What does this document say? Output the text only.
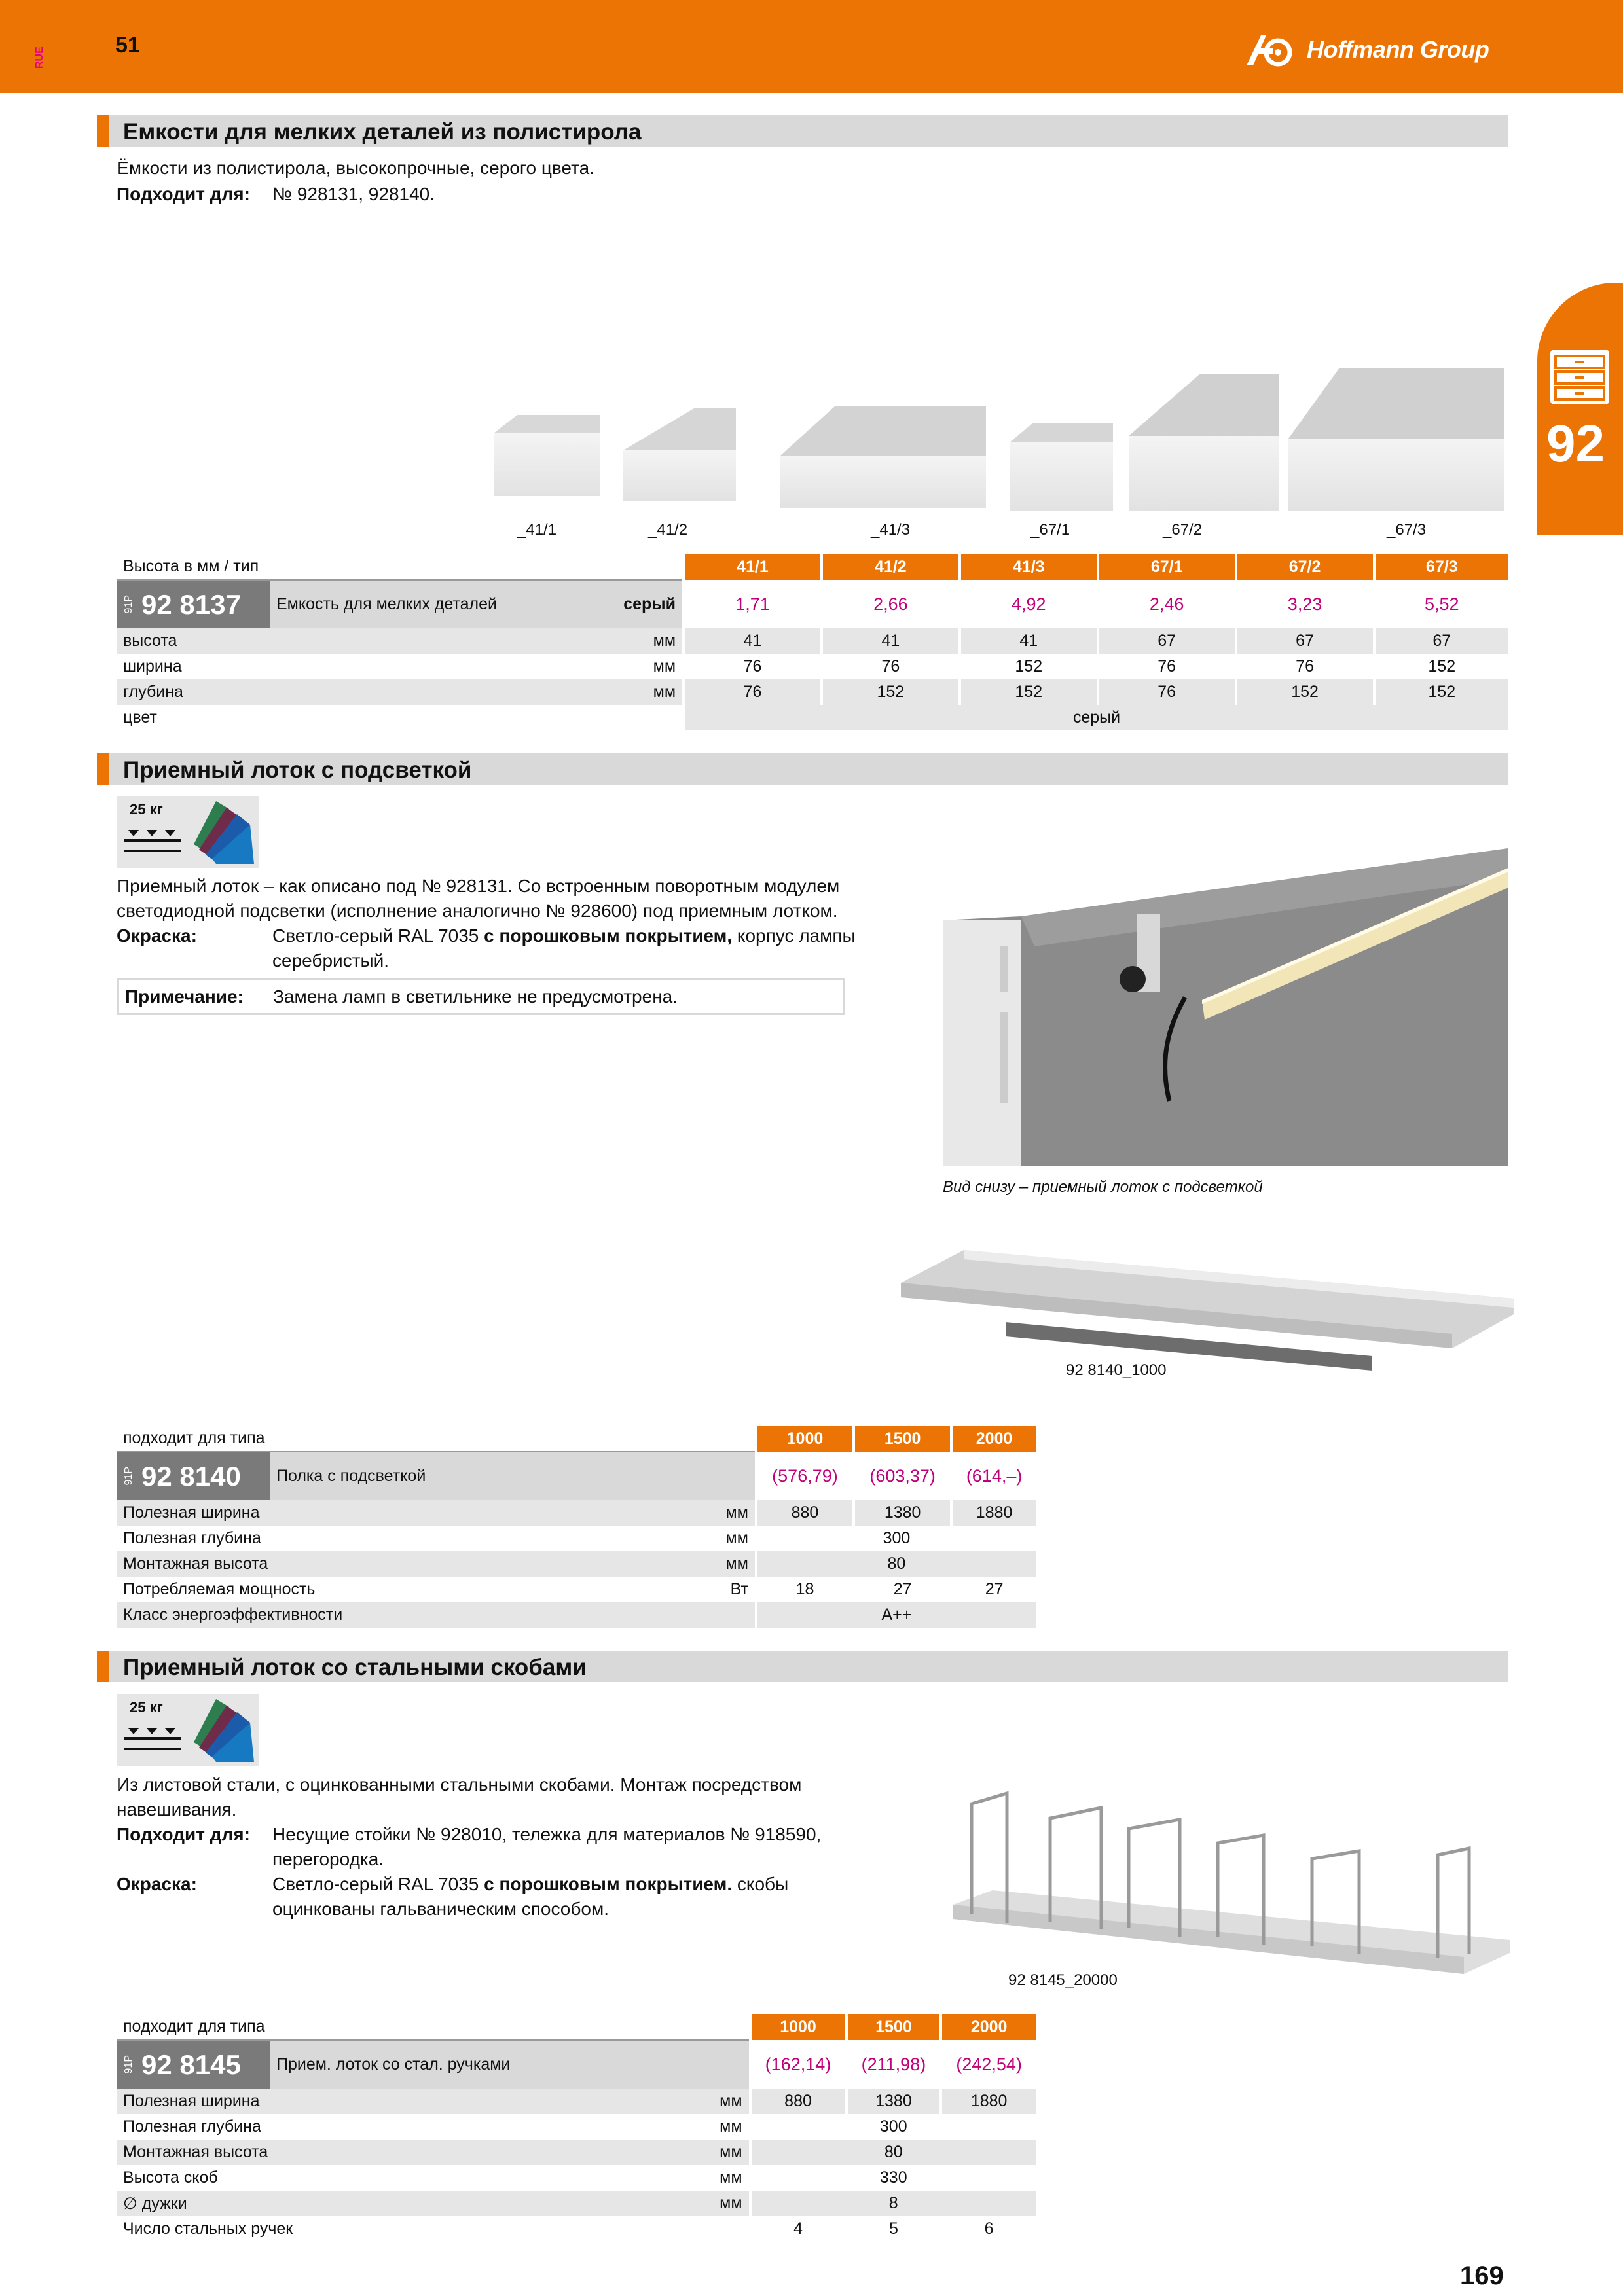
RUE
51	Hoffmann Group
92
Емкости для мелких деталей из полистирола
Ёмкости из полистирола, высокопрочные, серого цвета.
Подходит для: № 928131, 928140.
_41/1	_41/2	_41/3	_67/1	_67/2	_67/3
Высота в мм / тип			41/1	41/2	41/3	67/1	67/2	67/3

91P 92 8137	Емкость для мелких деталей	серый	1,71	2,66	4,92	2,46	3,23	5,52
высота		мм	41	41	41	67	67	67
ширина		мм	76	76	152	76	76	152
глубина		мм	76	152	152	76	152	152
цвет			серый					
Приемный лоток с подсветкой
25 кг
Приемный лоток – как описано под № 928131. Со встроенным поворотным модулем
светодиодной подсветки (исполнение аналогично № 928600) под приемным лотком.
Окраска:	Светло-серый RAL 7035 с порошковым покрытием, корпус лампы
серебристый.
Примечание: Замена ламп в светильнике не предусмотрена.
Вид снизу – приемный лоток с подсветкой
92 8140_1000
подходит для типа			1000	1500	2000

91P 92 8140	Полка с подсветкой		(576,79)	(603,37)	(614,–)
Полезная ширина		мм	880	1380	1880
Полезная глубина		мм	300		
Монтажная высота		мм	80		
Потребляемая мощность		Вт	18	27	27
Класс энергоэффективности			A++		
Приемный лоток со стальными скобами
25 кг
Из листовой стали, с оцинкованными стальными скобами. Монтаж посредством
навешивания.
Подходит для: Несущие стойки № 928010, тележка для материалов № 918590,
перегородка.
Окраска:	Светло-серый RAL 7035 с порошковым покрытием. скобы
оцинкованы гальваническим способом.
92 8145_20000
подходит для типа			1000	1500	2000

91P 92 8145	Прием. лоток со стал. ручками		(162,14)	(211,98)	(242,54)
Полезная ширина		мм	880	1380	1880
Полезная глубина		мм	300		
Монтажная высота		мм	80		
Высота скоб		мм	330		
∅ дужки		мм	8		
Число стальных ручек			4	5	6
169
